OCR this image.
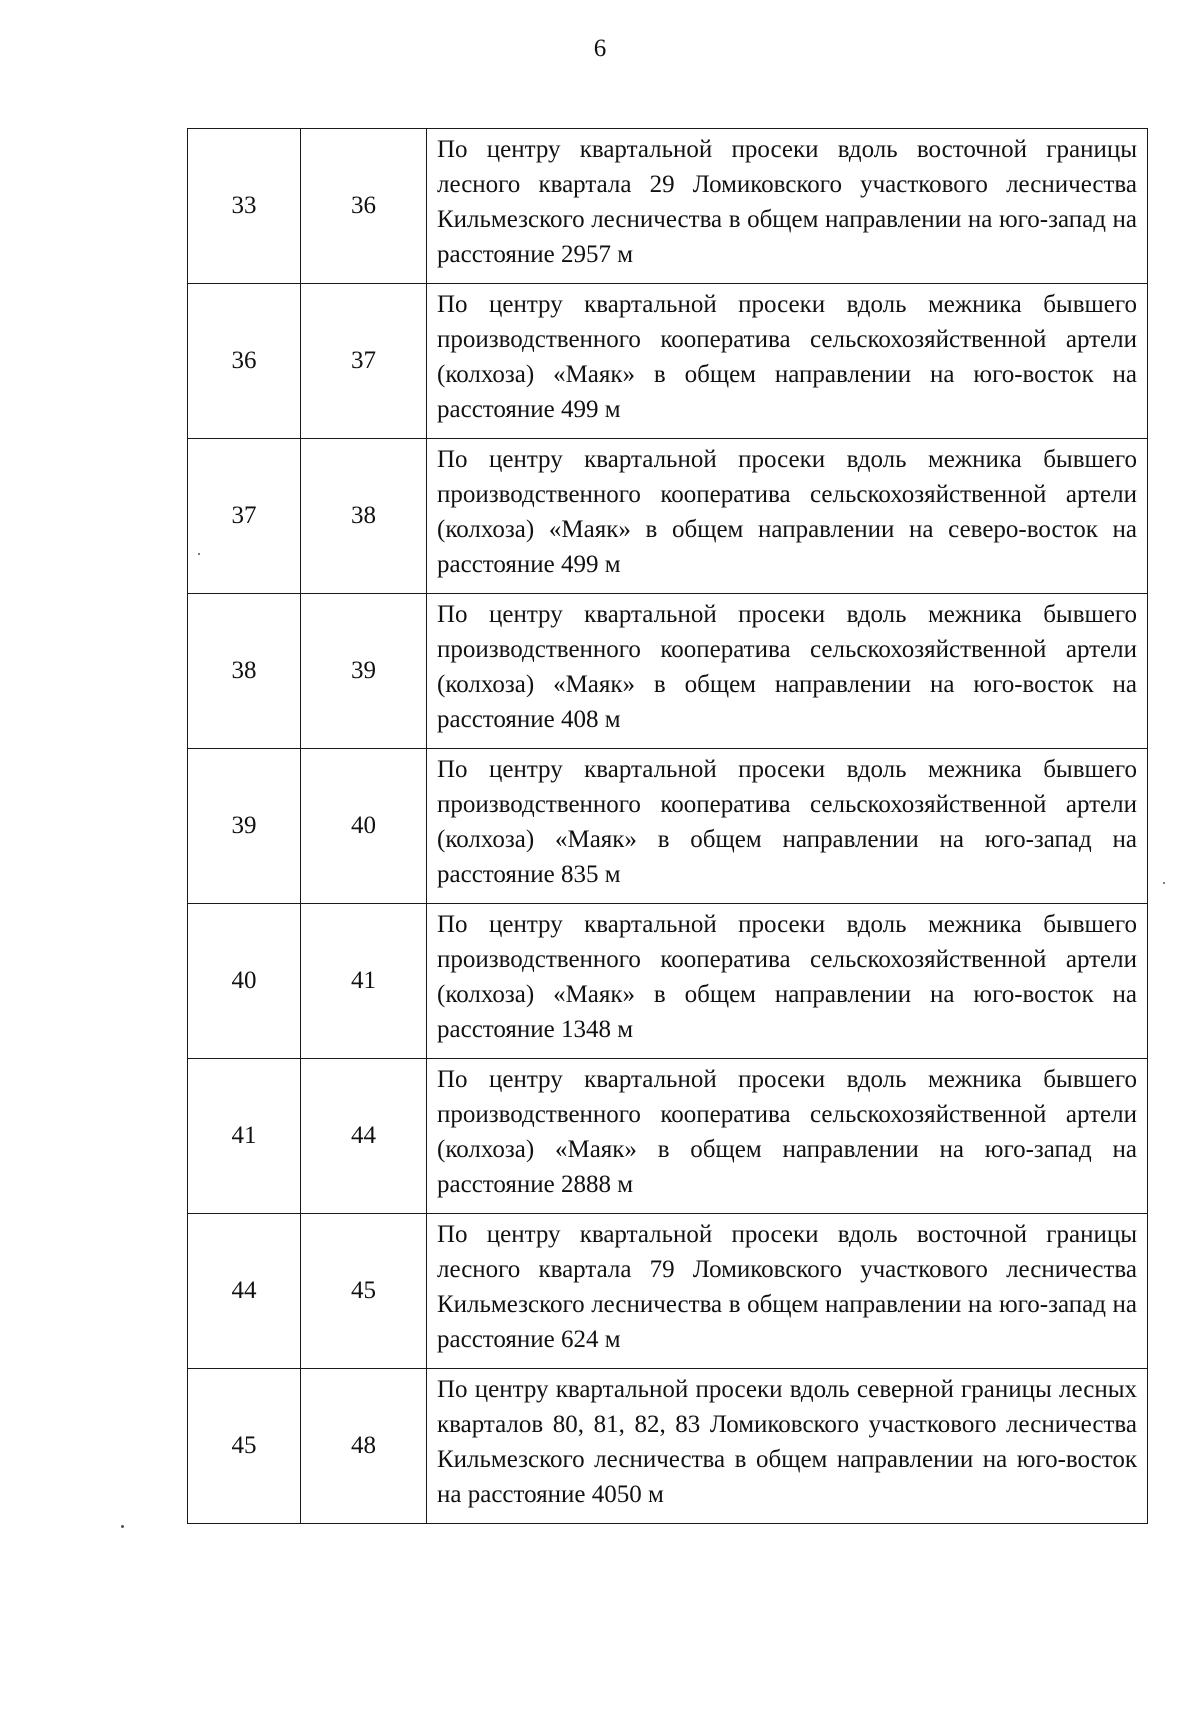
6
33	36	По центру квартальной просеки вдоль восточной границы лесного квартала 29 Ломиковского участкового лесничества Кильмезского лесничества в общем направлении на юго-запад на расстояние 2957 м
36	37	По центру квартальной просеки вдоль межника бывшего производственного кооператива сельскохозяйственной артели (колхоза) «Маяк» в общем направлении на юго-восток на расстояние 499 м
37	38	По центру квартальной просеки вдоль межника бывшего производственного кооператива сельскохозяйственной артели (колхоза) «Маяк» в общем направлении на северо-восток на расстояние 499 м
38	39	По центру квартальной просеки вдоль межника бывшего производственного кооператива сельскохозяйственной артели (колхоза) «Маяк» в общем направлении на юго-восток на расстояние 408 м
39	40	По центру квартальной просеки вдоль межника бывшего производственного кооператива сельскохозяйственной артели (колхоза) «Маяк» в общем направлении на юго-запад на расстояние 835 м
40	41	По центру квартальной просеки вдоль межника бывшего производственного кооператива сельскохозяйственной артели (колхоза) «Маяк» в общем направлении на юго-восток на расстояние 1348 м
41	44	По центру квартальной просеки вдоль межника бывшего производственного кооператива сельскохозяйственной артели (колхоза) «Маяк» в общем направлении на юго-запад на расстояние 2888 м
44	45	По центру квартальной просеки вдоль восточной границы лесного квартала 79 Ломиковского участкового лесничества Кильмезского лесничества в общем направлении на юго-запад на расстояние 624 м
45	48	По центру квартальной просеки вдоль северной границы лесных кварталов 80, 81, 82, 83 Ломиковского участкового лесничества Кильмезского лесничества в общем направлении на юго-восток на расстояние 4050 м
